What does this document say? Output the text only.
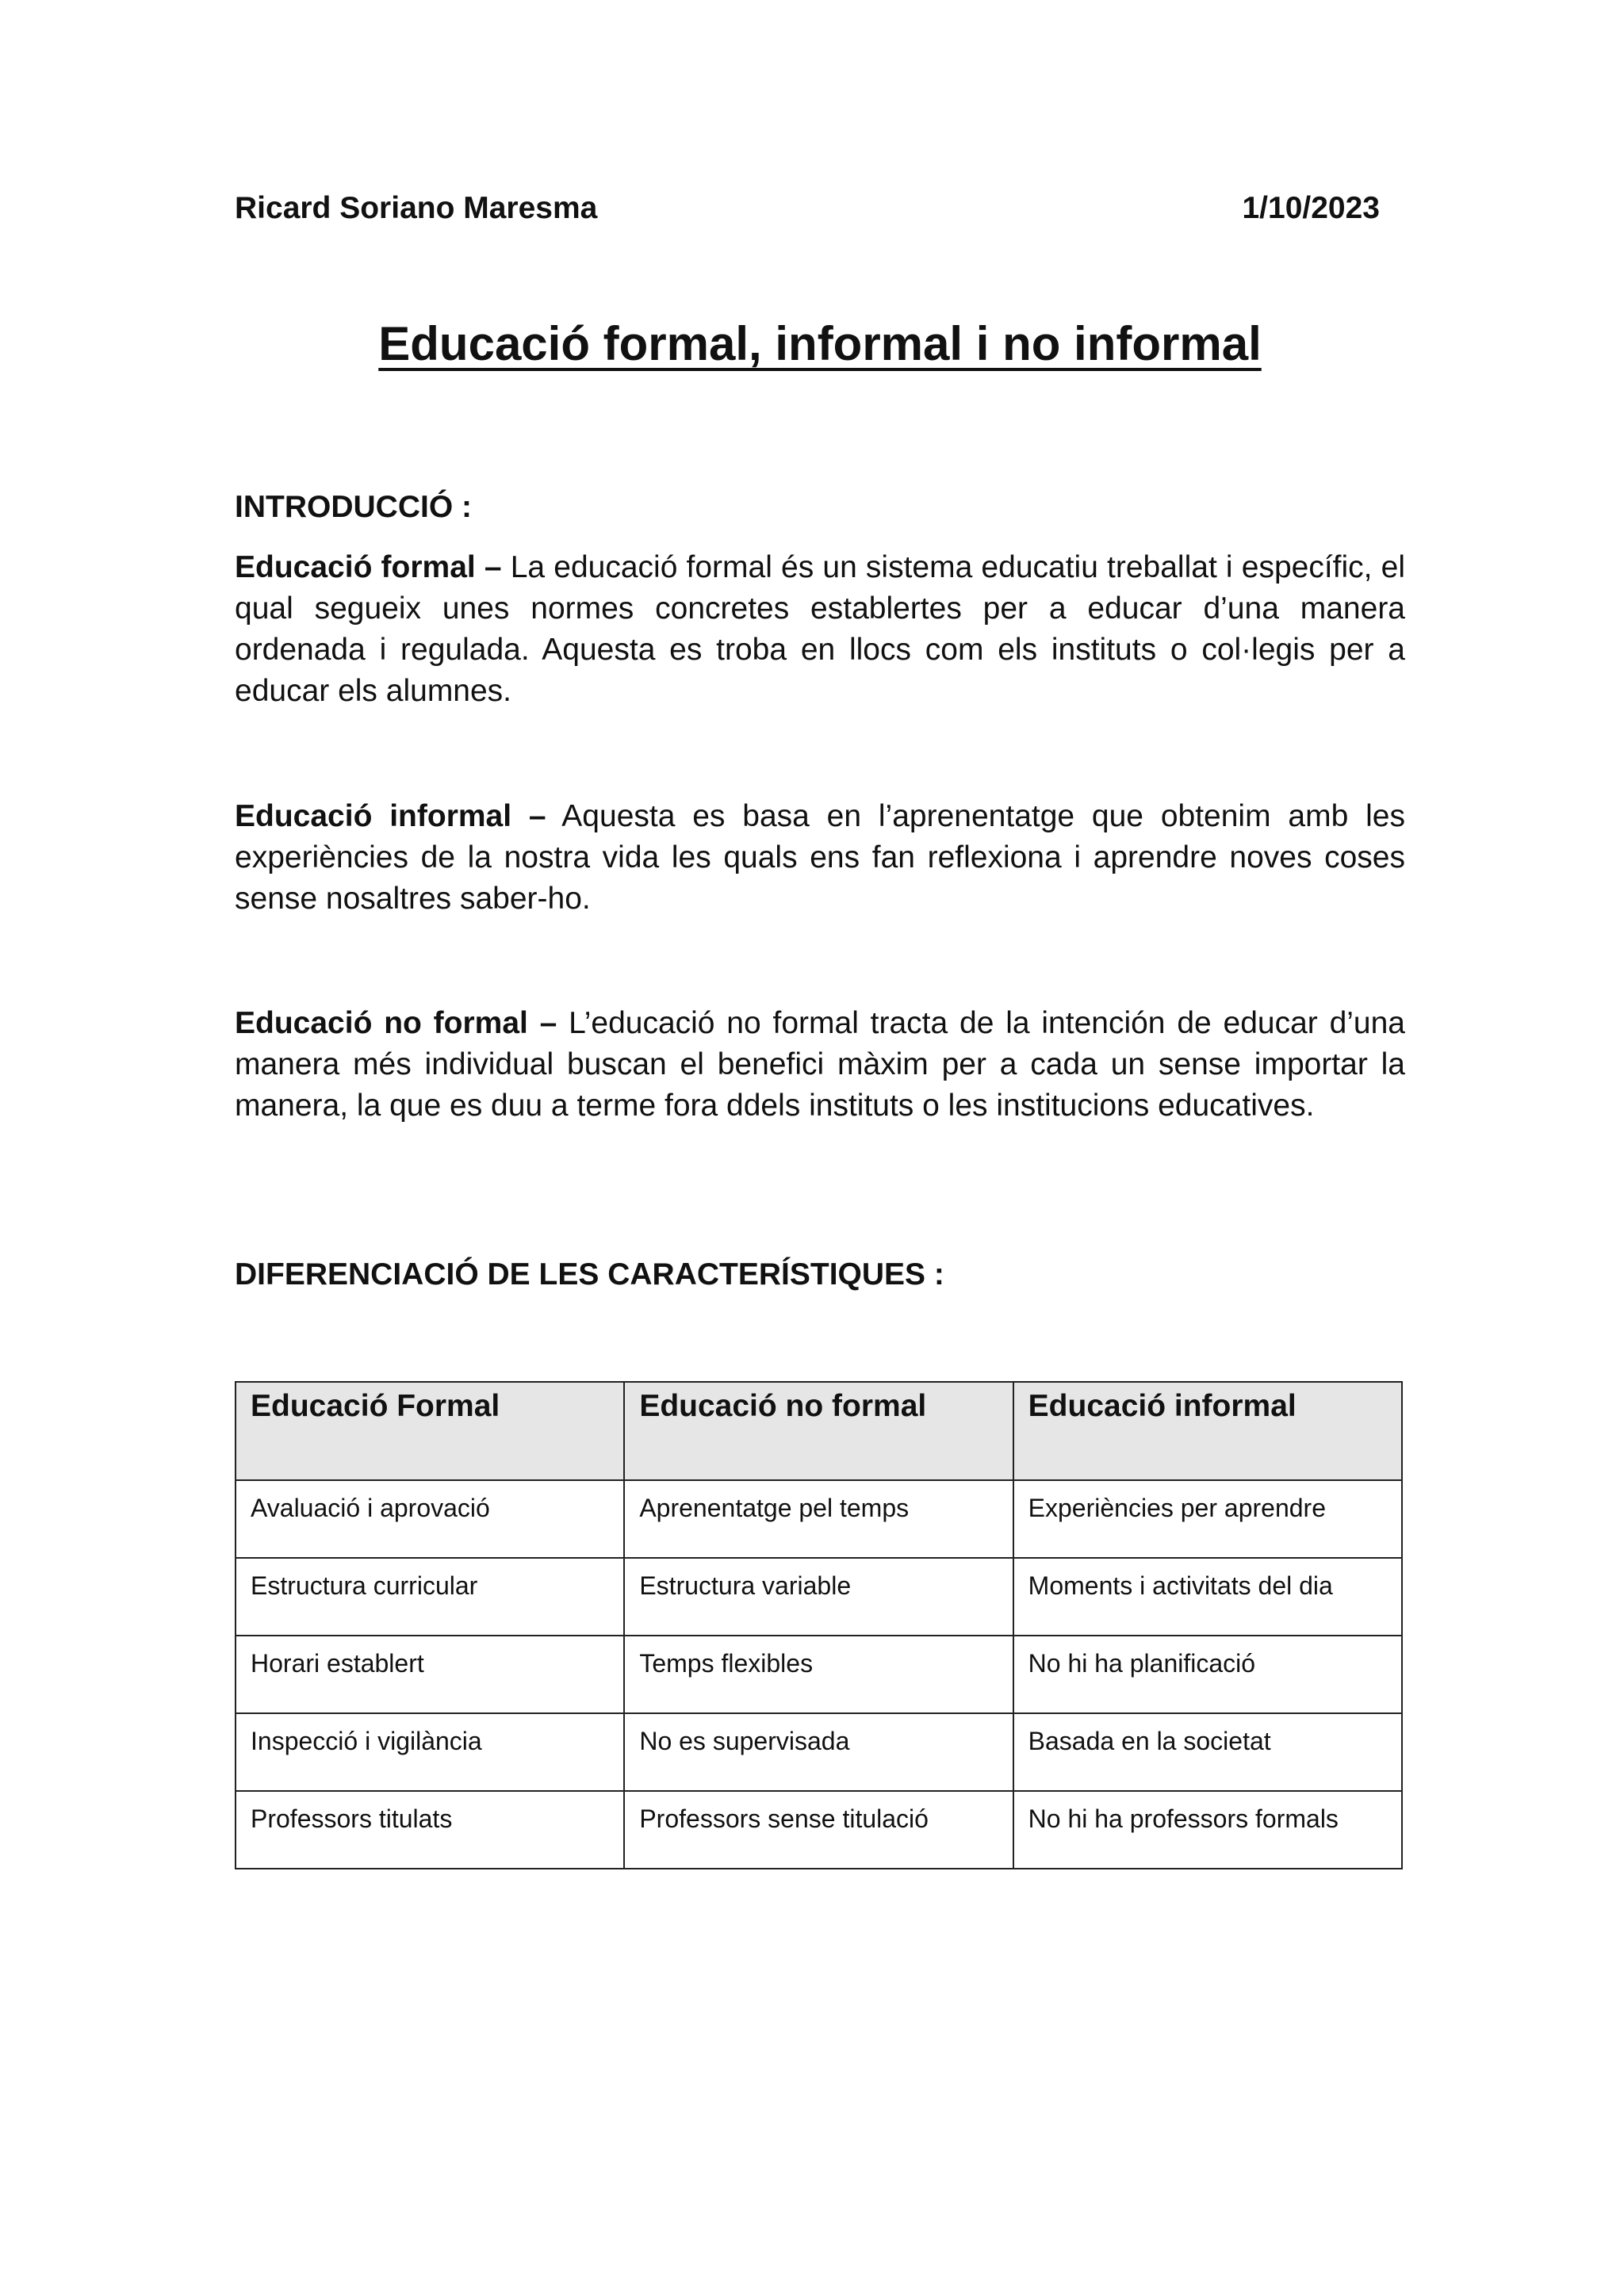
Ricard Soriano Maresma	1/10/2023
Educació formal, informal i no informal
INTRODUCCIÓ :
Educació formal – La educació formal és un sistema educatiu treballat i específic, el qual segueix unes normes concretes establertes per a educar d’una manera ordenada i regulada. Aquesta es troba en llocs com els instituts o col·legis per a educar els alumnes.
Educació informal – Aquesta es basa en l’aprenentatge que obtenim amb les experiències de la nostra vida les quals ens fan reflexiona i aprendre noves coses sense nosaltres saber-ho.
Educació no formal – L’educació no formal tracta de la intención de educar d’una manera més individual buscan el benefici màxim per a cada un sense importar la manera, la que es duu a terme fora ddels instituts o les institucions educatives.
DIFERENCIACIÓ DE LES CARACTERÍSTIQUES :
Educació Formal	Educació no formal	Educació informal
Avaluació i aprovació	Aprenentatge pel temps	Experiències per aprendre
Estructura curricular	Estructura variable	Moments i activitats del dia
Horari establert	Temps flexibles	No hi ha planificació
Inspecció i vigilància	No es supervisada	Basada en la societat
Professors titulats	Professors sense titulació	No hi ha professors formals
